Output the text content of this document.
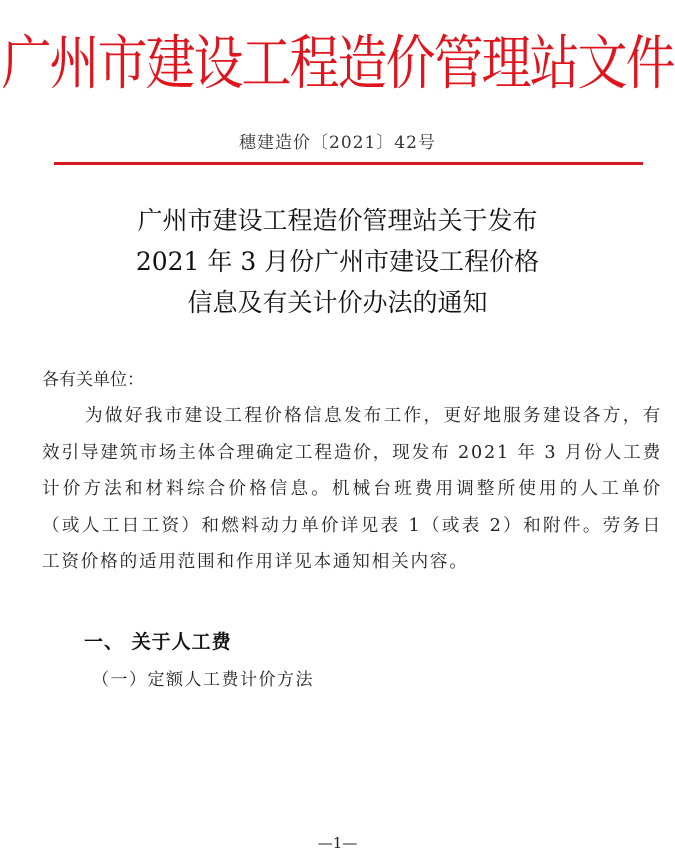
广州市建设工程造价管理站文件
穗建造价〔2021〕42号
广州市建设工程造价管理站关于发布
2021 年 3 月份广州市建设工程价格
信息及有关计价办法的通知
各有关单位：
为做好我市建设工程价格信息发布工作，更好地服务建设各方，有效引导建筑市场主体合理确定工程造价，现发布 2021 年 3 月份人工费计价方法和材料综合价格信息。机械台班费用调整所使用的人工单价（或人工日工资）和燃料动力单价详见表 1（或表 2）和附件。劳务日工资价格的适用范围和作用详见本通知相关内容。
一、 关于人工费
（一）定额人工费计价方法
—1—
